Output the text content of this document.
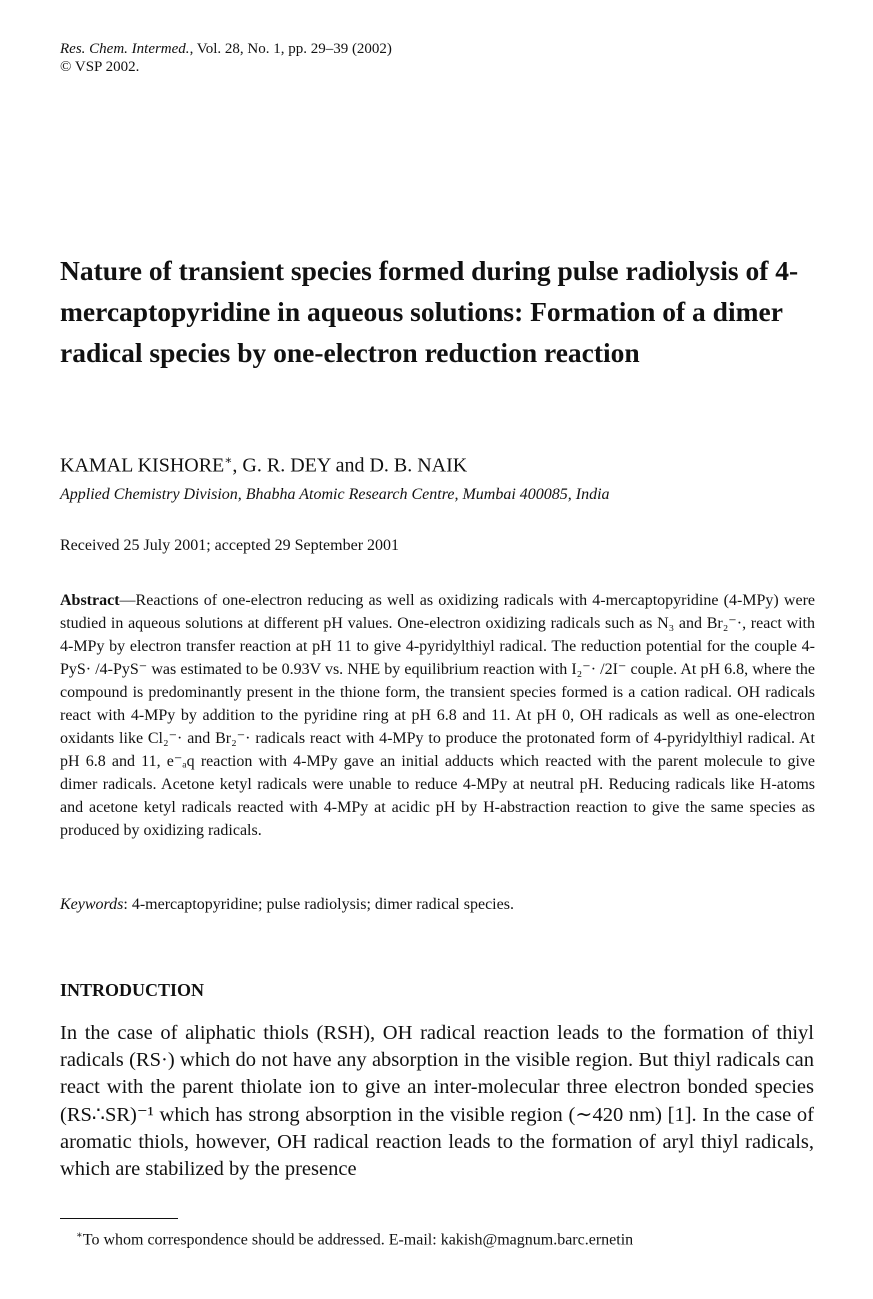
Res. Chem. Intermed., Vol. 28, No. 1, pp. 29–39 (2002)
© VSP 2002.
Nature of transient species formed during pulse radiolysis of 4-mercaptopyridine in aqueous solutions: Formation of a dimer radical species by one-electron reduction reaction
KAMAL KISHORE∗, G. R. DEY and D. B. NAIK
Applied Chemistry Division, Bhabha Atomic Research Centre, Mumbai 400085, India
Received 25 July 2001; accepted 29 September 2001

Abstract—Reactions of one-electron reducing as well as oxidizing radicals with 4-mercaptopyridine (4-MPy) were studied in aqueous solutions at different pH values. One-electron oxidizing radicals such as N₃ and Br₂⁻·, react with 4-MPy by electron transfer reaction at pH 11 to give 4-pyridylthiyl radical. The reduction potential for the couple 4-PyS· /4-PyS⁻ was estimated to be 0.93V vs. NHE by equilibrium reaction with I₂⁻· /2I⁻ couple. At pH 6.8, where the compound is predominantly present in the thione form, the transient species formed is a cation radical. OH radicals react with 4-MPy by addition to the pyridine ring at pH 6.8 and 11. At pH 0, OH radicals as well as one-electron oxidants like Cl₂⁻· and Br₂⁻· radicals react with 4-MPy to produce the protonated form of 4-pyridylthiyl radical. At pH 6.8 and 11, e⁻ₐq reaction with 4-MPy gave an initial adducts which reacted with the parent molecule to give dimer radicals. Acetone ketyl radicals were unable to reduce 4-MPy at neutral pH. Reducing radicals like H-atoms and acetone ketyl radicals reacted with 4-MPy at acidic pH by H-abstraction reaction to give the same species as produced by oxidizing radicals.

Keywords: 4-mercaptopyridine; pulse radiolysis; dimer radical species.
INTRODUCTION

In the case of aliphatic thiols (RSH), OH radical reaction leads to the formation of thiyl radicals (RS·) which do not have any absorption in the visible region. But thiyl radicals can react with the parent thiolate ion to give an inter-molecular three electron bonded species (RS∴SR)⁻¹ which has strong absorption in the visible region (∼420 nm) [1]. In the case of aromatic thiols, however, OH radical reaction leads to the formation of aryl thiyl radicals, which are stabilized by the presence

∗To whom correspondence should be addressed. E-mail: kakish@magnum.barc.ernetin
